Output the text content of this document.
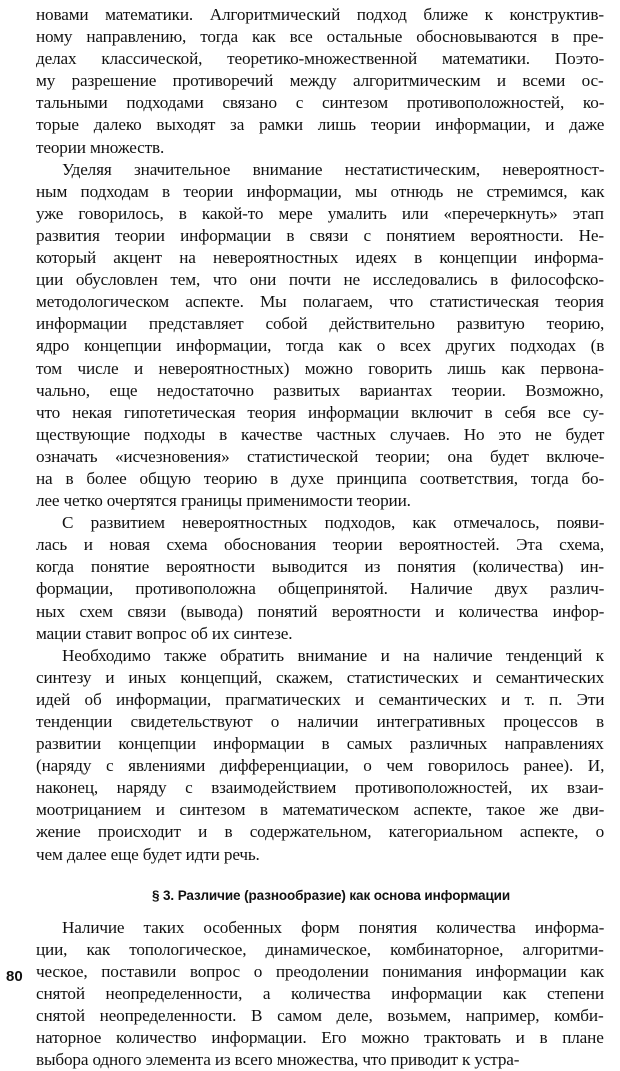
новами математики. Алгоритмический подход ближе к конструктив-
ному направлению, тогда как все остальные обосновываются в пре-
делах классической, теоретико-множественной математики. Поэто-
му разрешение противоречий между алгоритмическим и всеми ос-
тальными подходами связано с синтезом противоположностей, ко-
торые далеко выходят за рамки лишь теории информации, и даже
теории множеств.
Уделяя значительное внимание нестатистическим, невероятност-
ным подходам в теории информации, мы отнюдь не стремимся, как
уже говорилось, в какой-то мере умалить или «перечеркнуть» этап
развития теории информации в связи с понятием вероятности. Не-
который акцент на невероятностных идеях в концепции информа-
ции обусловлен тем, что они почти не исследовались в философско-
методологическом аспекте. Мы полагаем, что статистическая теория
информации представляет собой действительно развитую теорию,
ядро концепции информации, тогда как о всех других подходах (в
том числе и невероятностных) можно говорить лишь как первона-
чально, еще недостаточно развитых вариантах теории. Возможно,
что некая гипотетическая теория информации включит в себя все су-
ществующие подходы в качестве частных случаев. Но это не будет
означать «исчезновения» статистической теории; она будет включе-
на в более общую теорию в духе принципа соответствия, тогда бо-
лее четко очертятся границы применимости теории.
С развитием невероятностных подходов, как отмечалось, появи-
лась и новая схема обоснования теории вероятностей. Эта схема,
когда понятие вероятности выводится из понятия (количества) ин-
формации, противоположна общепринятой. Наличие двух различ-
ных схем связи (вывода) понятий вероятности и количества инфор-
мации ставит вопрос об их синтезе.
Необходимо также обратить внимание и на наличие тенденций к
синтезу и иных концепций, скажем, статистических и семантических
идей об информации, прагматических и семантических и т. п. Эти
тенденции свидетельствуют о наличии интегративных процессов в
развитии концепции информации в самых различных направлениях
(наряду с явлениями дифференциации, о чем говорилось ранее). И,
наконец, наряду с взаимодействием противоположностей, их взаи-
моотрицанием и синтезом в математическом аспекте, такое же дви-
жение происходит и в содержательном, категориальном аспекте, о
чем далее еще будет идти речь.
§ 3. Различие (разнообразие) как основа информации
Наличие таких особенных форм понятия количества информа-
ции, как топологическое, динамическое, комбинаторное, алгоритми-
ческое, поставили вопрос о преодолении понимания информации как
снятой неопределенности, а количества информации как степени
снятой неопределенности. В самом деле, возьмем, например, комби-
наторное количество информации. Его можно трактовать и в плане
выбора одного элемента из всего множества, что приводит к устра-
80
